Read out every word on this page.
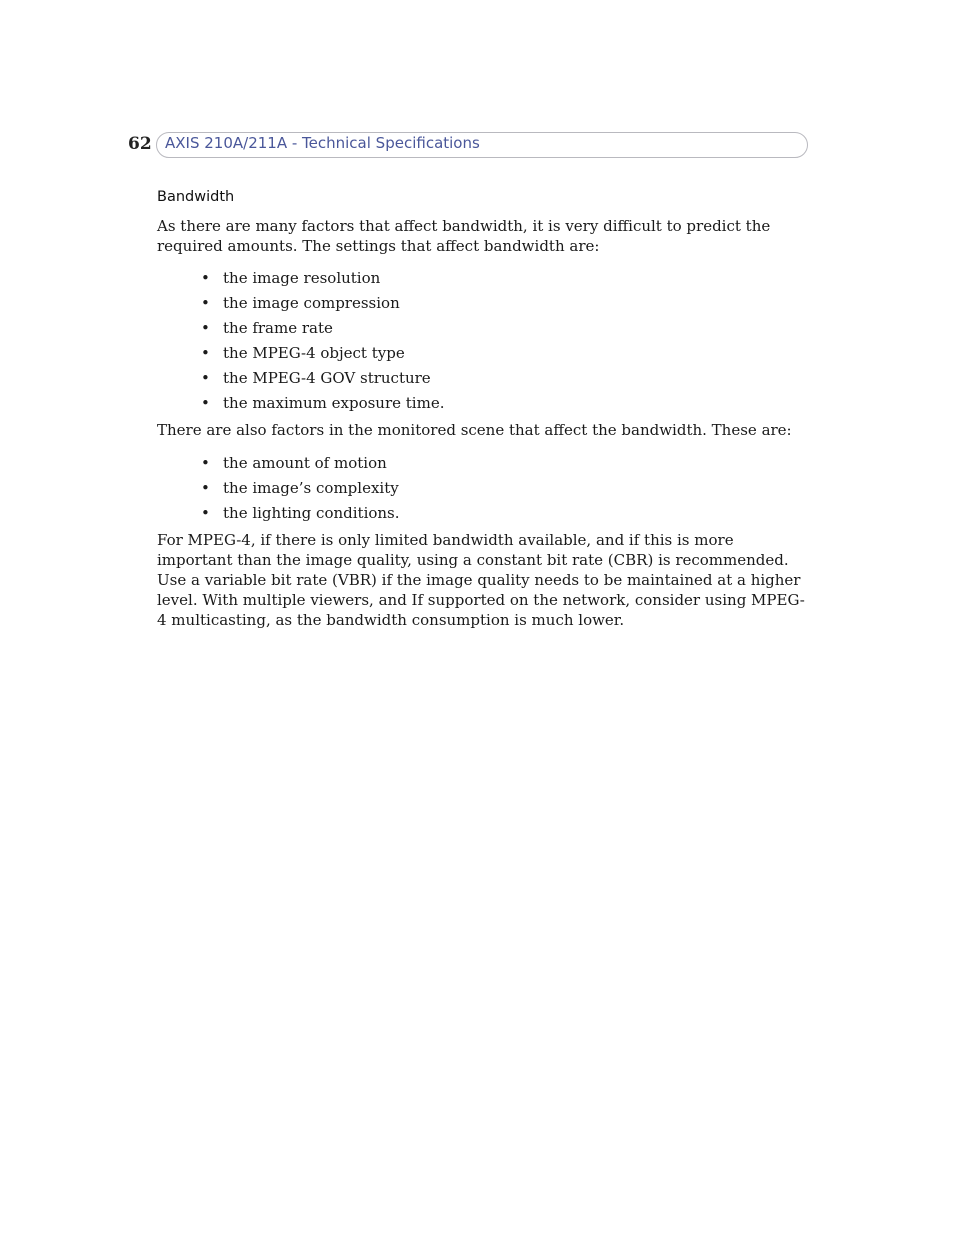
62 AXIS 210A/211A - Technical Specifications
Bandwidth

As there are many factors that affect bandwidth, it is very difficult to predict the required amounts. The settings that affect bandwidth are:

• the image resolution
• the image compression
• the frame rate
• the MPEG-4 object type
• the MPEG-4 GOV structure
• the maximum exposure time.

There are also factors in the monitored scene that affect the bandwidth. These are:

• the amount of motion
• the image’s complexity
• the lighting conditions.

For MPEG-4, if there is only limited bandwidth available, and if this is more important than the image quality, using a constant bit rate (CBR) is recommended. Use a variable bit rate (VBR) if the image quality needs to be maintained at a higher level. With multiple viewers, and If supported on the network, consider using MPEG-4 multicasting, as the bandwidth consumption is much lower.
